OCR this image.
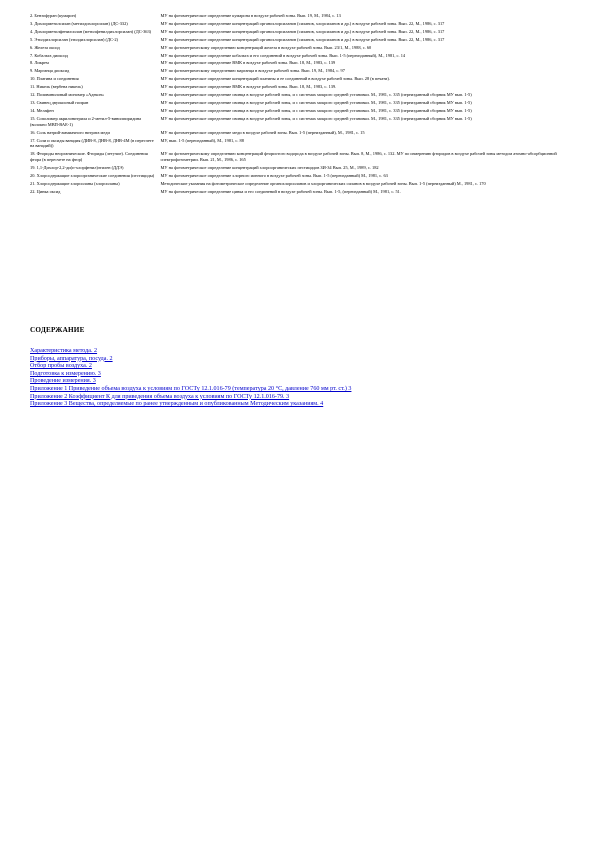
2. Бензофуран (кумарон)	МУ на фотометрическое определение кумарона в воздухе рабочей зоны. Вып. 19, М., 1984, с. 13
3. Дихлорметилсилан (метилдихлорсилан) (ДС-332)	МУ на фотометрическое определение концентраций органохлорсиланов (силанов, хлорсиланов и др.) в воздухе рабочей зоны. Вып. 22, М., 1986, с. 317
4. Дихлорметилфенилсилан (метилфенилдихлорсилан) (ДС-363)	МУ на фотометрическое определение концентраций органохлорсиланов (силанов, хлорсиланов и др.) в воздухе рабочей зоны. Вып. 22, М., 1986, с. 317
5. Этилдихлорсилан (этилдихлорсилан) (ДС-2)	МУ на фотометрическое определение концентраций органохлорсиланов (силанов, хлорсиланов и др.) в воздухе рабочей зоны. Вып. 22, М., 1986, с. 317
6. Железа оксид	МУ по фотометрическому определению концентраций железа в воздухе рабочей зоны. Вып. 23/1, М., 1988, с. 60
7. Кобальта диоксид	МУ на фотометрическое определение кобальта и его соединений в воздухе рабочей зоны. Вып. 1-5 (переизданный), М., 1981, с. 14
8. Ликрем	МУ на фотометрическое определение ВМК в воздухе рабочей зоны. Вып. 18, М., 1983, с. 139
9. Марганца диоксид	МУ по фотометрическому определению марганца в воздухе рабочей зоны. Вып. 19, М., 1984, с. 97
10. Платина и соединения	МУ на фотометрическое определение концентраций платины и ее соединений в воздухе рабочей зоны. Вып. 28 (в печати).
11. Никель (вербена никель)	МУ на фотометрическое определение ВМК в воздухе рабочей зоны. Вып. 18, М., 1983, с. 139.
12. Поливиниловый мономер «Адекон»	МУ на фотометрическое определение свинца в воздухе рабочей зоны, и с системах мокрого средней установки. М., 1981, с. 335 (переизданный сборник МУ вып. 1-5)
13. Свинец двуокисный гипран	МУ на фотометрическое определение свинца в воздухе рабочей зоны, и с системах мокрого средней установки. М., 1981, с. 335 (переизданный сборник МУ вып. 1-5)
14. Мелафен	МУ на фотометрическое определение свинца в воздухе рабочей зоны, и с системах мокрого средней установки. М., 1981, с. 335 (переизданный сборник МУ вып. 1-5)
15. Сополимер акрилонитрила и 2-метил-5-винилпиридина (волокно МВП-ВАЕ-1)	МУ на фотометрическое определение свинца в воздухе рабочей зоны, и с системах мокрого средней установки. М., 1981, с. 335 (переизданный сборник МУ вып. 1-5)
16. Соль натрий-аммиачного нитрата меди	МУ на фотометрическое определение меди в воздухе рабочей зоны. Вып. 1-5 (переизданный), М., 1981, с. 15
17. Соли и оксиды ванадия (ДИВ-8, ДНВ-8, ДНВ-4М (в пересчете на ванадий))	МУ, вып. 1-5 (переизданный), М., 1981, с. 88
18. Фториды неорганические. Фториды (летучие). Соединения фтора (в пересчете на фтор)	МУ по фотометрическому определению концентраций фтористого водорода в воздухе рабочей зоны. Вып. 8, М., 1986, с. 132. МУ по измерению фторидов в воздухе рабочей зоны методом атомно-абсорбционной спектрофотометрии. Вып. 21, М., 1986, с. 165
19. 1,1-Дихлор-2,2-ди(п-хлорфенил)этилен (ДДЭ)	МУ на фотометрическое определение концентраций хлороорганических пестицидов ЗИ-34 Вып. 25, М., 1989, с. 182
20. Хлорсодержащие хлороорганические соединения (пестициды)	МУ на фотометрическое определение хлорного ионного в воздухе рабочей зоны. Вып. 1-5 (переизданный) М., 1981, с. 63
21. Хлорсодержащие хлорсиланы (хлорсиланы)	Методические указания на фотометрическое определение органохлорсиланов и хлорорганических силанов в воздухе рабочей зоны. Вып. 1-5 (переизданный) М., 1981, с. 170
22. Цинка оксид	МУ на фотометрическое определение цинка и его соединений в воздухе рабочей зоны. Вып. 1-5, (переизданный) М., 1981, с. 51.
СОДЕРЖАНИЕ
Характеристика метода. 2
Приборы, аппаратура, посуда. 2
Отбор пробы воздуха. 2
Подготовка к измерению. 3
Проведение измерения. 3
Приложение 1 Приведение объема воздуха к условиям по ГОСТу 12.1.016-79 (температура 20 °С, давление 760 мм рт. ст.) 3
Приложение 2 Коэффициент К для приведения объема воздуха к условиям по ГОСТу 12.1.016-79. 3
Приложение 3 Вещества, определяемые по ранее утвержденным и опубликованным Методическим указаниям. 4
